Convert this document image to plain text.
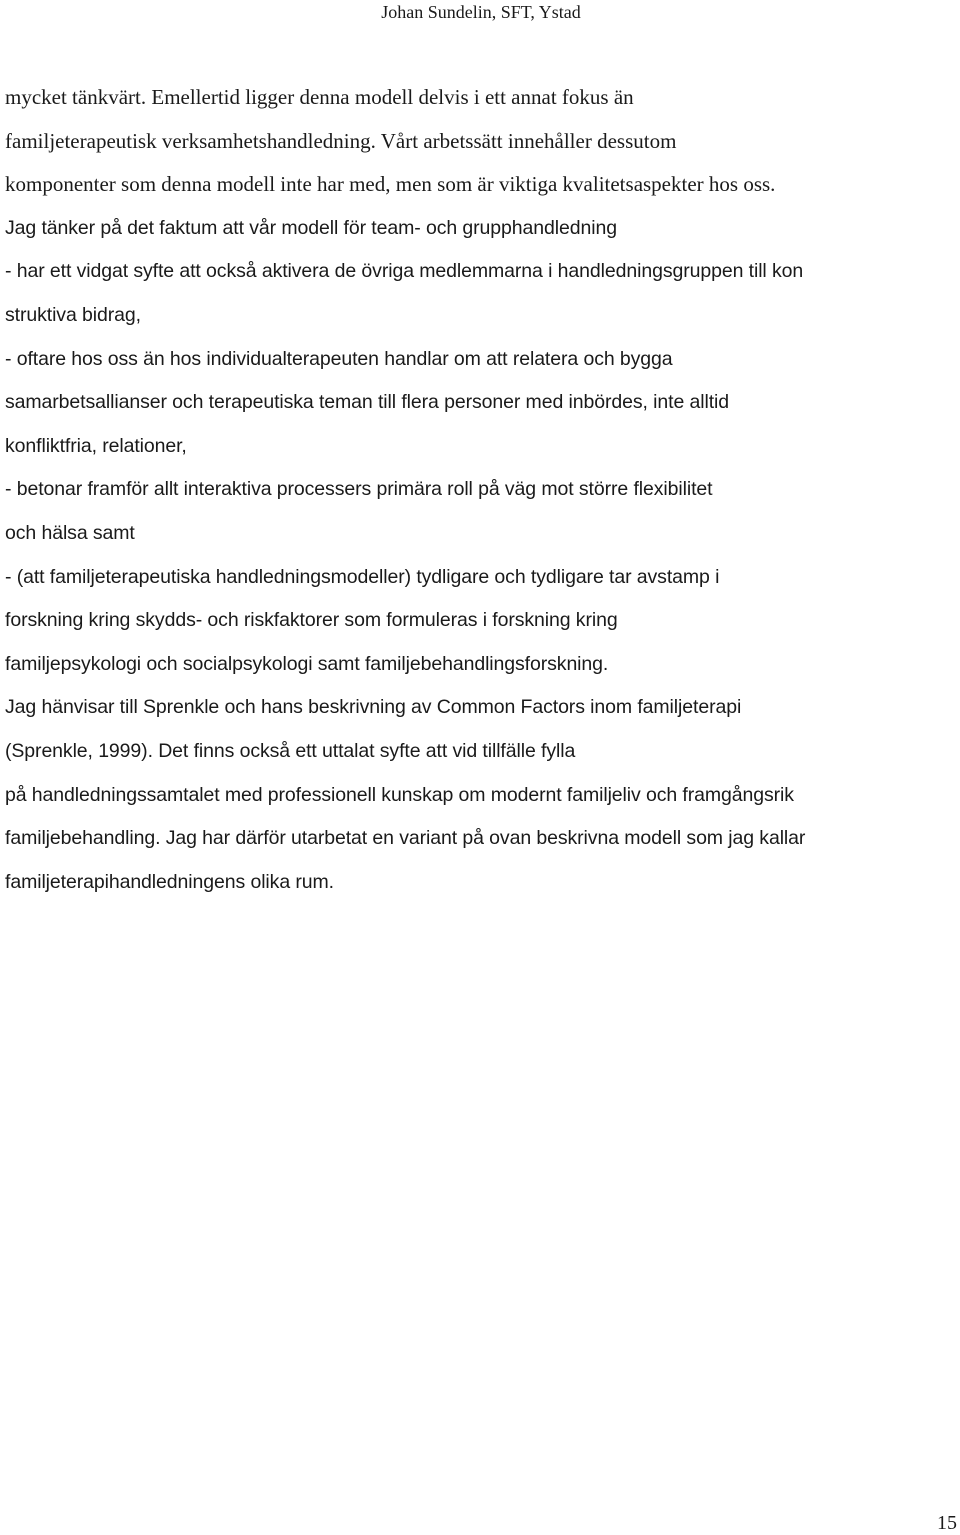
Johan Sundelin, SFT, Ystad
mycket tänkvärt. Emellertid ligger denna modell delvis i ett annat fokus än
familjeterapeutisk verksamhetshandledning. Vårt arbetssätt innehåller dessutom
komponenter som denna modell inte har med, men som är viktiga kvalitetsaspekter hos oss.
Jag tänker på det faktum att vår modell för team- och grupphandledning
- har ett vidgat syfte att också aktivera de övriga medlemmarna i handledningsgruppen till kon
struktiva bidrag,
- oftare hos oss än hos individualterapeuten handlar om att relatera och bygga
samarbetsallianser och terapeutiska teman till flera personer med inbördes, inte alltid
konfliktfria, relationer,
- betonar framför allt interaktiva processers primära roll på väg mot större flexibilitet
och hälsa samt
- (att familjeterapeutiska handledningsmodeller) tydligare och tydligare tar avstamp i
forskning kring skydds- och riskfaktorer som formuleras i forskning kring
familjepsykologi och socialpsykologi samt familjebehandlingsforskning.
Jag hänvisar till Sprenkle och hans beskrivning av Common Factors inom familjeterapi
(Sprenkle, 1999). Det finns också ett uttalat syfte att vid tillfälle fylla
på handledningssamtalet med professionell kunskap om modernt familjeliv och framgångsrik
familjebehandling. Jag har därför utarbetat en variant på ovan beskrivna modell som jag kallar
familjeterapihandledningens olika rum.
15
